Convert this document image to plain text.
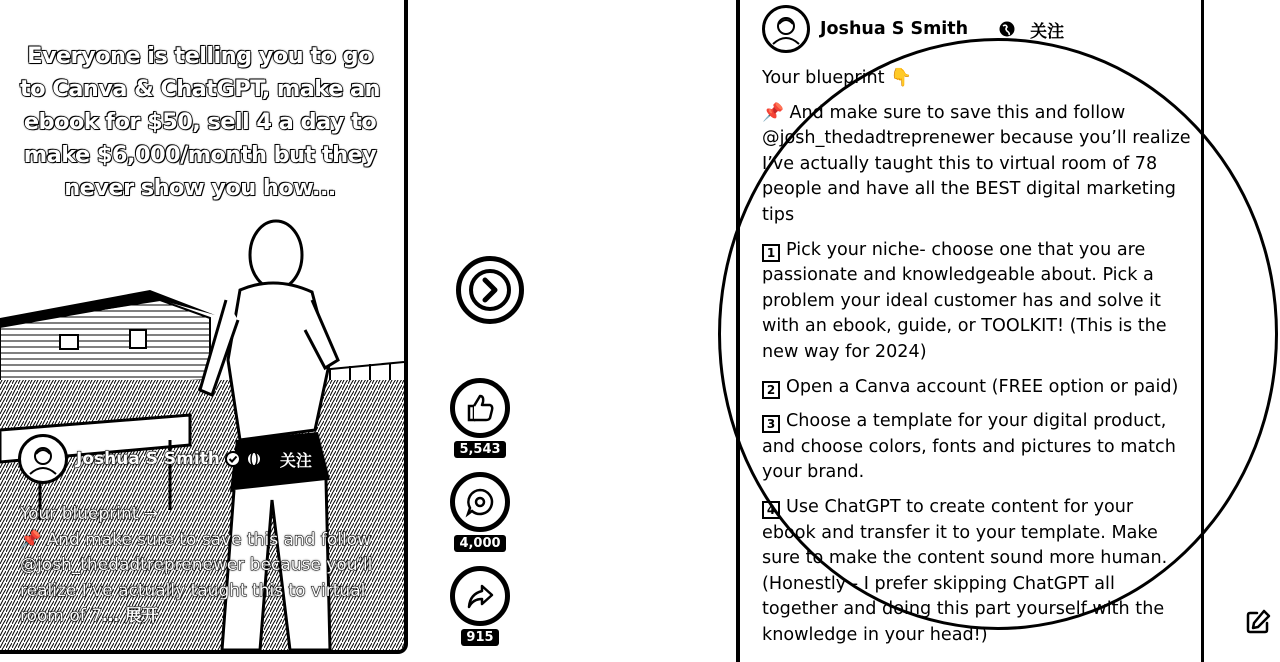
Everyone is telling you to go to Canva & ChatGPT, make an ebook for $50, sell 4 a day to make $6,000/month but they never show you how...
Joshua S Smith	关注
Your blueprint →
📌 And make sure to save this and follow @josh_thedadtreprenewer because you’ll realize I’ve actually taught this to virtual room of 7… 展开
5,543
4,000
915
Joshua S Smith	关注

Your blueprint 👇

📌 And make sure to save this and follow @josh_thedadtreprenewer because you’ll realize I’ve actually taught this to virtual room of 78 people and have all the BEST digital marketing tips

1 Pick your niche- choose one that you are passionate and knowledgeable about. Pick a problem your ideal customer has and solve it with an ebook, guide, or TOOLKIT! (This is the new way for 2024)

2 Open a Canva account (FREE option or paid)

3 Choose a template for your digital product, and choose colors, fonts and pictures to match your brand.

4 Use ChatGPT to create content for your ebook and transfer it to your template. Make sure to make the content sound more human. (Honestly - I prefer skipping ChatGPT all together and doing this part yourself with the knowledge in your head!)
